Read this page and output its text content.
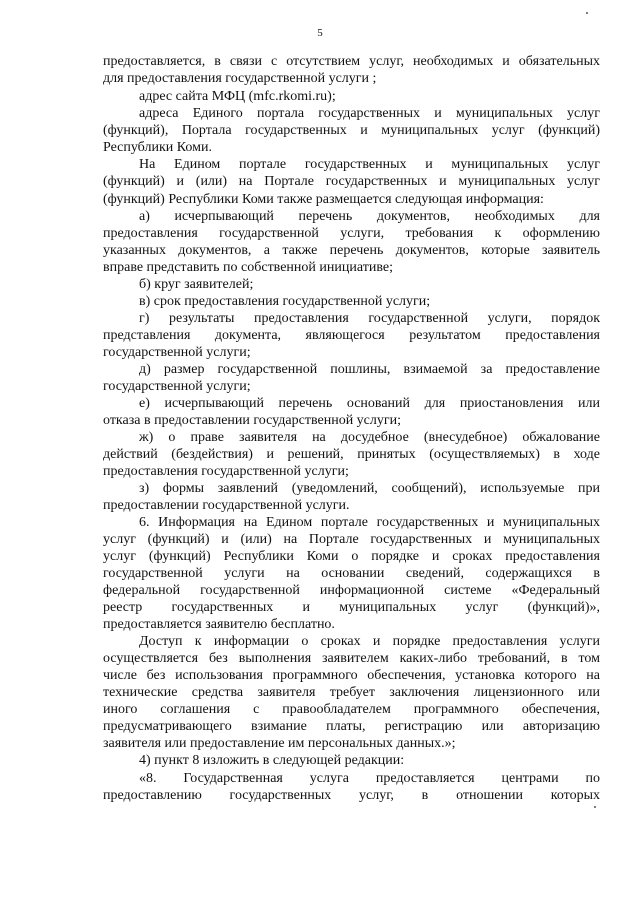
5
предоставляется, в связи с отсутствием услуг, необходимых и обязательных
для предоставления государственной услуги ;
адрес сайта МФЦ (mfc.rkomi.ru);
адреса Единого портала государственных и муниципальных услуг
(функций), Портала государственных и муниципальных услуг (функций)
Республики Коми.
На Едином портале государственных и муниципальных услуг
(функций) и (или) на Портале государственных и муниципальных услуг
(функций) Республики Коми также размещается следующая информация:
а) исчерпывающий перечень документов, необходимых для
предоставления государственной услуги, требования к оформлению
указанных документов, а также перечень документов, которые заявитель
вправе представить по собственной инициативе;
б) круг заявителей;
в) срок предоставления государственной услуги;
г) результаты предоставления государственной услуги, порядок
представления документа, являющегося результатом предоставления
государственной услуги;
д) размер государственной пошлины, взимаемой за предоставление
государственной услуги;
е) исчерпывающий перечень оснований для приостановления или
отказа в предоставлении государственной услуги;
ж) о праве заявителя на досудебное (внесудебное) обжалование
действий (бездействия) и решений, принятых (осуществляемых) в ходе
предоставления государственной услуги;
з) формы заявлений (уведомлений, сообщений), используемые при
предоставлении государственной услуги.
6. Информация на Едином портале государственных и муниципальных
услуг (функций) и (или) на Портале государственных и муниципальных
услуг (функций) Республики Коми о порядке и сроках предоставления
государственной услуги на основании сведений, содержащихся в
федеральной государственной информационной системе «Федеральный
реестр государственных и муниципальных услуг (функций)»,
предоставляется заявителю бесплатно.
Доступ к информации о сроках и порядке предоставления услуги
осуществляется без выполнения заявителем каких-либо требований, в том
числе без использования программного обеспечения, установка которого на
технические средства заявителя требует заключения лицензионного или
иного соглашения с правообладателем программного обеспечения,
предусматривающего взимание платы, регистрацию или авторизацию
заявителя или предоставление им персональных данных.»;
4) пункт 8 изложить в следующей редакции:
«8. Государственная услуга предоставляется центрами по
предоставлению государственных услуг, в отношении которых
